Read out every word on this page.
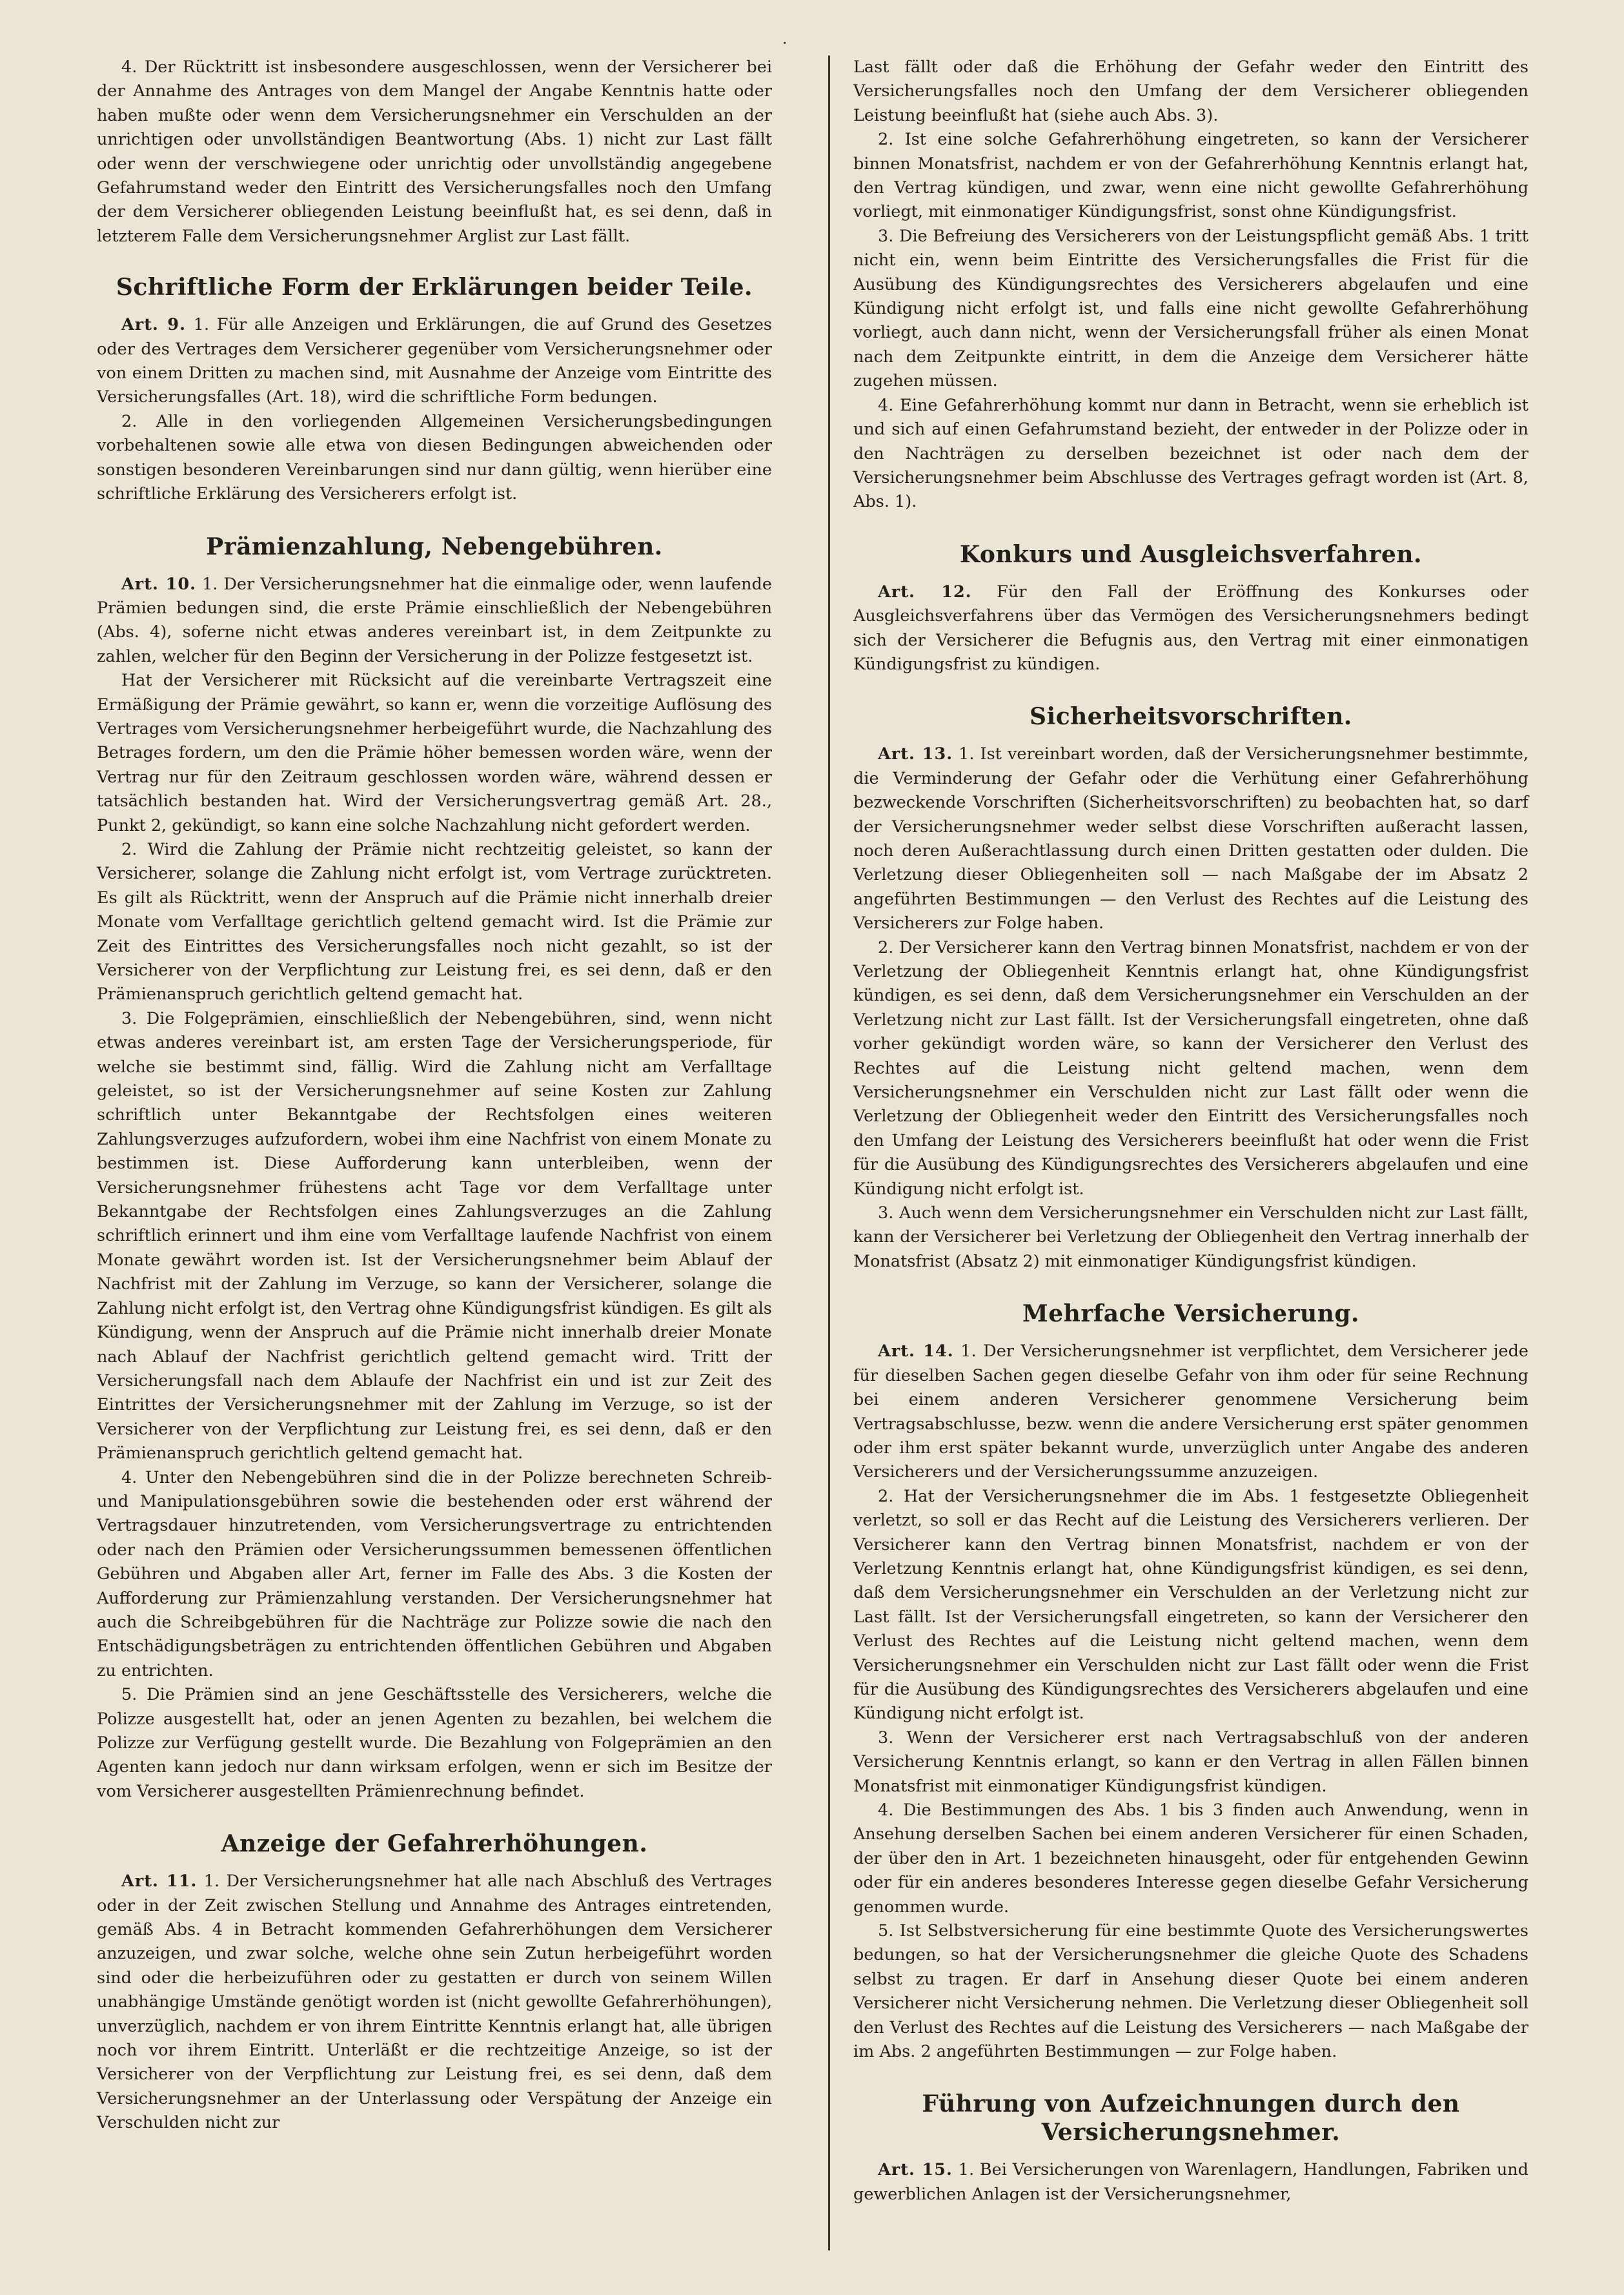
·

4. Der Rücktritt ist insbesondere ausgeschlossen, wenn der Versicherer bei der Annahme des Antrages von dem Mangel der Angabe Kenntnis hatte oder haben mußte oder wenn dem Versicherungsnehmer ein Verschulden an der unrichtigen oder unvollständigen Beantwortung (Abs. 1) nicht zur Last fällt oder wenn der verschwiegene oder unrichtig oder unvollständig angegebene Gefahrumstand weder den Eintritt des Versicherungsfalles noch den Umfang der dem Versicherer obliegenden Leistung beeinflußt hat, es sei denn, daß in letzterem Falle dem Versicherungsnehmer Arglist zur Last fällt.

Schriftliche Form der Erklärungen beider Teile.

Art. 9. 1. Für alle Anzeigen und Erklärungen, die auf Grund des Gesetzes oder des Vertrages dem Versicherer gegenüber vom Versicherungsnehmer oder von einem Dritten zu machen sind, mit Ausnahme der Anzeige vom Eintritte des Versicherungsfalles (Art. 18), wird die schriftliche Form bedungen.

2. Alle in den vorliegenden Allgemeinen Versicherungsbedingungen vorbehaltenen sowie alle etwa von diesen Bedingungen abweichenden oder sonstigen besonderen Vereinbarungen sind nur dann gültig, wenn hierüber eine schriftliche Erklärung des Versicherers erfolgt ist.

Prämienzahlung, Nebengebühren.

Art. 10. 1. Der Versicherungsnehmer hat die einmalige oder, wenn laufende Prämien bedungen sind, die erste Prämie einschließlich der Nebengebühren (Abs. 4), soferne nicht etwas anderes vereinbart ist, in dem Zeitpunkte zu zahlen, welcher für den Beginn der Versicherung in der Polizze festgesetzt ist.

Hat der Versicherer mit Rücksicht auf die vereinbarte Vertragszeit eine Ermäßigung der Prämie gewährt, so kann er, wenn die vorzeitige Auflösung des Vertrages vom Versicherungsnehmer herbeigeführt wurde, die Nachzahlung des Betrages fordern, um den die Prämie höher bemessen worden wäre, wenn der Vertrag nur für den Zeitraum geschlossen worden wäre, während dessen er tatsächlich bestanden hat. Wird der Versicherungsvertrag gemäß Art. 28., Punkt 2, gekündigt, so kann eine solche Nachzahlung nicht gefordert werden.

2. Wird die Zahlung der Prämie nicht rechtzeitig geleistet, so kann der Versicherer, solange die Zahlung nicht erfolgt ist, vom Vertrage zurücktreten. Es gilt als Rücktritt, wenn der Anspruch auf die Prämie nicht innerhalb dreier Monate vom Verfalltage gerichtlich geltend gemacht wird. Ist die Prämie zur Zeit des Eintrittes des Versicherungsfalles noch nicht gezahlt, so ist der Versicherer von der Verpflichtung zur Leistung frei, es sei denn, daß er den Prämienanspruch gerichtlich geltend gemacht hat.

3. Die Folgeprämien, einschließlich der Nebengebühren, sind, wenn nicht etwas anderes vereinbart ist, am ersten Tage der Versicherungsperiode, für welche sie bestimmt sind, fällig. Wird die Zahlung nicht am Verfalltage geleistet, so ist der Versicherungsnehmer auf seine Kosten zur Zahlung schriftlich unter Bekanntgabe der Rechtsfolgen eines weiteren Zahlungsverzuges aufzufordern, wobei ihm eine Nachfrist von einem Monate zu bestimmen ist. Diese Aufforderung kann unterbleiben, wenn der Versicherungsnehmer frühestens acht Tage vor dem Verfalltage unter Bekanntgabe der Rechtsfolgen eines Zahlungsverzuges an die Zahlung schriftlich erinnert und ihm eine vom Verfalltage laufende Nachfrist von einem Monate gewährt worden ist. Ist der Versicherungsnehmer beim Ablauf der Nachfrist mit der Zahlung im Verzuge, so kann der Versicherer, solange die Zahlung nicht erfolgt ist, den Vertrag ohne Kündigungsfrist kündigen. Es gilt als Kündigung, wenn der Anspruch auf die Prämie nicht innerhalb dreier Monate nach Ablauf der Nachfrist gerichtlich geltend gemacht wird. Tritt der Versicherungsfall nach dem Ablaufe der Nachfrist ein und ist zur Zeit des Eintrittes der Versicherungsnehmer mit der Zahlung im Verzuge, so ist der Versicherer von der Verpflichtung zur Leistung frei, es sei denn, daß er den Prämienanspruch gerichtlich geltend gemacht hat.

4. Unter den Nebengebühren sind die in der Polizze berechneten Schreib- und Manipulationsgebühren sowie die bestehenden oder erst während der Vertragsdauer hinzutretenden, vom Versicherungsvertrage zu entrichtenden oder nach den Prämien oder Versicherungssummen bemessenen öffentlichen Gebühren und Abgaben aller Art, ferner im Falle des Abs. 3 die Kosten der Aufforderung zur Prämienzahlung verstanden. Der Versicherungsnehmer hat auch die Schreibgebühren für die Nachträge zur Polizze sowie die nach den Entschädigungsbeträgen zu entrichtenden öffentlichen Gebühren und Abgaben zu entrichten.

5. Die Prämien sind an jene Geschäftsstelle des Versicherers, welche die Polizze ausgestellt hat, oder an jenen Agenten zu bezahlen, bei welchem die Polizze zur Verfügung gestellt wurde. Die Bezahlung von Folgeprämien an den Agenten kann jedoch nur dann wirksam erfolgen, wenn er sich im Besitze der vom Versicherer ausgestellten Prämienrechnung befindet.

Anzeige der Gefahrerhöhungen.

Art. 11. 1. Der Versicherungsnehmer hat alle nach Abschluß des Vertrages oder in der Zeit zwischen Stellung und Annahme des Antrages eintretenden, gemäß Abs. 4 in Betracht kommenden Gefahrerhöhungen dem Versicherer anzuzeigen, und zwar solche, welche ohne sein Zutun herbeigeführt worden sind oder die herbeizuführen oder zu gestatten er durch von seinem Willen unabhängige Umstände genötigt worden ist (nicht gewollte Gefahrerhöhungen), unverzüglich, nachdem er von ihrem Eintritte Kenntnis erlangt hat, alle übrigen noch vor ihrem Eintritt. Unterläßt er die rechtzeitige Anzeige, so ist der Versicherer von der Verpflichtung zur Leistung frei, es sei denn, daß dem Versicherungsnehmer an der Unterlassung oder Verspätung der Anzeige ein Verschulden nicht zur

Last fällt oder daß die Erhöhung der Gefahr weder den Eintritt des Versicherungsfalles noch den Umfang der dem Versicherer obliegenden Leistung beeinflußt hat (siehe auch Abs. 3).

2. Ist eine solche Gefahrerhöhung eingetreten, so kann der Versicherer binnen Monatsfrist, nachdem er von der Gefahrerhöhung Kenntnis erlangt hat, den Vertrag kündigen, und zwar, wenn eine nicht gewollte Gefahrerhöhung vorliegt, mit einmonatiger Kündigungsfrist, sonst ohne Kündigungsfrist.

3. Die Befreiung des Versicherers von der Leistungspflicht gemäß Abs. 1 tritt nicht ein, wenn beim Eintritte des Versicherungsfalles die Frist für die Ausübung des Kündigungsrechtes des Versicherers abgelaufen und eine Kündigung nicht erfolgt ist, und falls eine nicht gewollte Gefahrerhöhung vorliegt, auch dann nicht, wenn der Versicherungsfall früher als einen Monat nach dem Zeitpunkte eintritt, in dem die Anzeige dem Versicherer hätte zugehen müssen.

4. Eine Gefahrerhöhung kommt nur dann in Betracht, wenn sie erheblich ist und sich auf einen Gefahrumstand bezieht, der entweder in der Polizze oder in den Nachträgen zu derselben bezeichnet ist oder nach dem der Versicherungsnehmer beim Abschlusse des Vertrages gefragt worden ist (Art. 8, Abs. 1).

Konkurs und Ausgleichsverfahren.

Art. 12. Für den Fall der Eröffnung des Konkurses oder Ausgleichsverfahrens über das Vermögen des Versicherungsnehmers bedingt sich der Versicherer die Befugnis aus, den Vertrag mit einer einmonatigen Kündigungsfrist zu kündigen.

Sicherheitsvorschriften.

Art. 13. 1. Ist vereinbart worden, daß der Versicherungsnehmer bestimmte, die Verminderung der Gefahr oder die Verhütung einer Gefahrerhöhung bezweckende Vorschriften (Sicherheitsvorschriften) zu beobachten hat, so darf der Versicherungsnehmer weder selbst diese Vorschriften außeracht lassen, noch deren Außerachtlassung durch einen Dritten gestatten oder dulden. Die Verletzung dieser Obliegenheiten soll — nach Maßgabe der im Absatz 2 angeführten Bestimmungen — den Verlust des Rechtes auf die Leistung des Versicherers zur Folge haben.

2. Der Versicherer kann den Vertrag binnen Monatsfrist, nachdem er von der Verletzung der Obliegenheit Kenntnis erlangt hat, ohne Kündigungsfrist kündigen, es sei denn, daß dem Versicherungsnehmer ein Verschulden an der Verletzung nicht zur Last fällt. Ist der Versicherungsfall eingetreten, ohne daß vorher gekündigt worden wäre, so kann der Versicherer den Verlust des Rechtes auf die Leistung nicht geltend machen, wenn dem Versicherungsnehmer ein Verschulden nicht zur Last fällt oder wenn die Verletzung der Obliegenheit weder den Eintritt des Versicherungsfalles noch den Umfang der Leistung des Versicherers beeinflußt hat oder wenn die Frist für die Ausübung des Kündigungsrechtes des Versicherers abgelaufen und eine Kündigung nicht erfolgt ist.

3. Auch wenn dem Versicherungsnehmer ein Verschulden nicht zur Last fällt, kann der Versicherer bei Verletzung der Obliegenheit den Vertrag innerhalb der Monatsfrist (Absatz 2) mit einmonatiger Kündigungsfrist kündigen.

Mehrfache Versicherung.

Art. 14. 1. Der Versicherungsnehmer ist verpflichtet, dem Versicherer jede für dieselben Sachen gegen dieselbe Gefahr von ihm oder für seine Rechnung bei einem anderen Versicherer genommene Versicherung beim Vertragsabschlusse, bezw. wenn die andere Versicherung erst später genommen oder ihm erst später bekannt wurde, unverzüglich unter Angabe des anderen Versicherers und der Versicherungssumme anzuzeigen.

2. Hat der Versicherungsnehmer die im Abs. 1 festgesetzte Obliegenheit verletzt, so soll er das Recht auf die Leistung des Versicherers verlieren. Der Versicherer kann den Vertrag binnen Monatsfrist, nachdem er von der Verletzung Kenntnis erlangt hat, ohne Kündigungsfrist kündigen, es sei denn, daß dem Versicherungsnehmer ein Verschulden an der Verletzung nicht zur Last fällt. Ist der Versicherungsfall eingetreten, so kann der Versicherer den Verlust des Rechtes auf die Leistung nicht geltend machen, wenn dem Versicherungsnehmer ein Verschulden nicht zur Last fällt oder wenn die Frist für die Ausübung des Kündigungsrechtes des Versicherers abgelaufen und eine Kündigung nicht erfolgt ist.

3. Wenn der Versicherer erst nach Vertragsabschluß von der anderen Versicherung Kenntnis erlangt, so kann er den Vertrag in allen Fällen binnen Monatsfrist mit einmonatiger Kündigungsfrist kündigen.

4. Die Bestimmungen des Abs. 1 bis 3 finden auch Anwendung, wenn in Ansehung derselben Sachen bei einem anderen Versicherer für einen Schaden, der über den in Art. 1 bezeichneten hinausgeht, oder für entgehenden Gewinn oder für ein anderes besonderes Interesse gegen dieselbe Gefahr Versicherung genommen wurde.

5. Ist Selbstversicherung für eine bestimmte Quote des Versicherungswertes bedungen, so hat der Versicherungsnehmer die gleiche Quote des Schadens selbst zu tragen. Er darf in Ansehung dieser Quote bei einem anderen Versicherer nicht Versicherung nehmen. Die Verletzung dieser Obliegenheit soll den Verlust des Rechtes auf die Leistung des Versicherers — nach Maßgabe der im Abs. 2 angeführten Bestimmungen — zur Folge haben.

Führung von Aufzeichnungen durch den Versicherungsnehmer.

Art. 15. 1. Bei Versicherungen von Warenlagern, Handlungen, Fabriken und gewerblichen Anlagen ist der Versicherungsnehmer,
